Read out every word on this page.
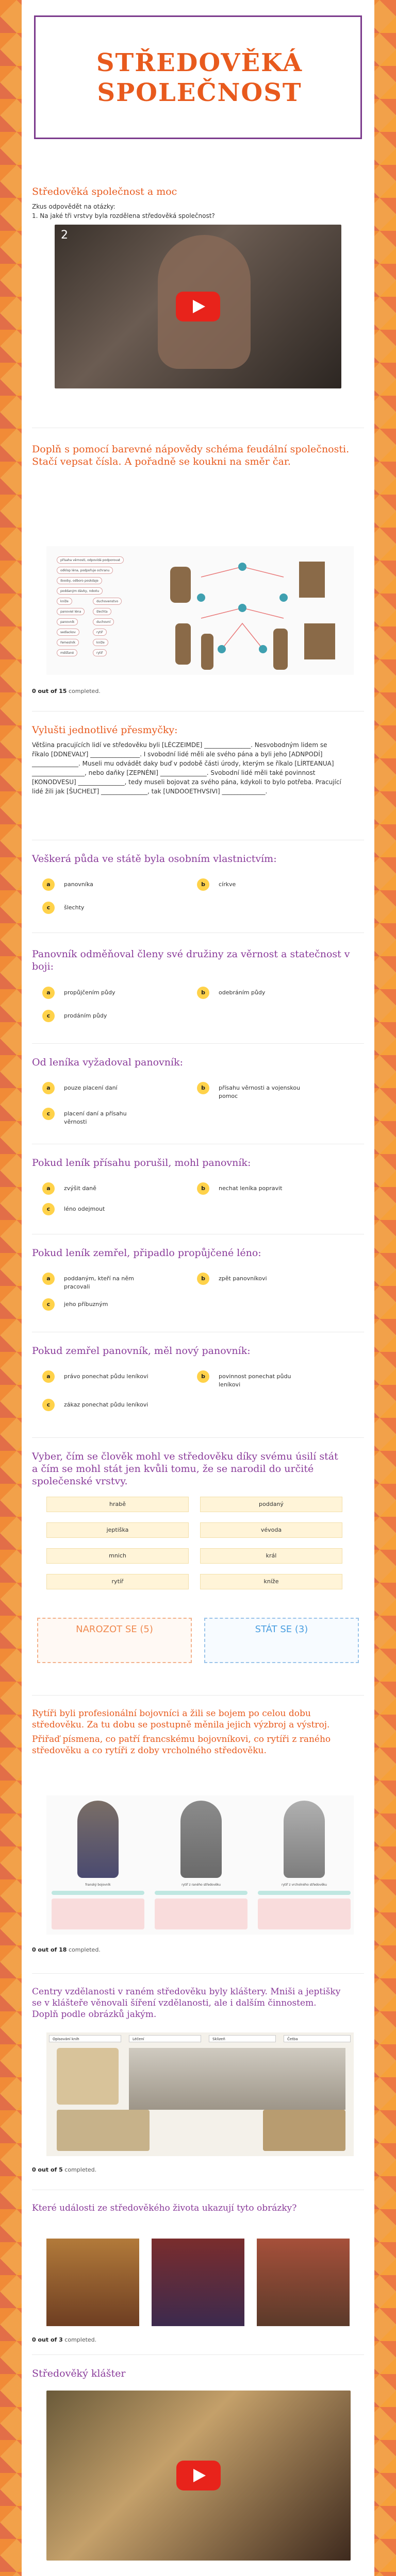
STŘEDOVĚKÁ SPOLEČNOST
Středověká společnost a moc
Zkus odpovědět na otázky:
1. Na jaké tři vrstvy byla rozdělena středověká společnost?
2
Doplň s pomocí barevné nápovědy schéma feudální společnosti.
Stačí vepsat čísla. A pořadně se koukni na směr čar.
přísaha věrnosti, odpovídá podporovat
odklop léna, podpořuje ochranu
ibooby, odboro poskdaje
poddaným dávky, robotu
kníže	duchovenstvo
panoviel léna	šlechta
panovník	duchovní
sedlackov	rytíř
řemeslník	kníže
měšťané	rytíř
0 out of 15 completed.
Vylušti jednotlivé přesmyčky:
Většina pracujících lidí ve středověku byli [LÉCZEIMDE] _______________. Nesvobodným lidem se říkalo [DDNEVALY] ________________. I svobodní lidé měli ale svého pána a byli jeho [ADNPODÍ] _______________. Museli mu odvádět daky buď v podobě části úrody, kterým se říkalo [LÍRTEANUA] _________________, nebo daňky [ZEPNÉNI] _______________. Svobodní lidé měli také povinnost [KONODVESU] _______________, tedy museli bojovat za svého pána, kdykoli to bylo potřeba. Pracující lidé žili jak [ŠUCHELT] _______________, tak [UNDOOETHVSIVI] ______________.
Veškerá půda ve státě byla osobním vlastnictvím:
a	panovníka	b	církve
c	šlechty
Panovník odměňoval členy své družiny za věrnost a statečnost v boji:
a	propůjčením půdy	b	odebráním půdy
c	prodáním půdy
Od leníka vyžadoval panovník:
a	pouze placení daní	b	přísahu věrnosti a vojenskou pomoc
c	placení daní a přísahu věrnosti
Pokud leník přísahu porušil, mohl panovník:
a	zvýšit daně	b	nechat leníka popravit
c	léno odejmout
Pokud leník zemřel, připadlo propůjčené léno:
a	poddaným, kteří na něm pracovali
b	zpět panovníkovi
c	jeho příbuzným
Pokud zemřel panovník, měl nový panovník:
a	právo ponechat půdu leníkovi	b	povinnost ponechat půdu leníkovi
c	zákaz ponechat půdu leníkovi
Vyber, čím se člověk mohl ve středověku díky svému úsilí stát a čím se mohl stát jen kvůli tomu, že se narodil do určité společenské vrstvy.
hrabě	poddaný
jeptiška	vévoda
mnich	král
rytíř	kníže
NAROZOT SE (5)	STÁT SE (3)
Rytíři byli profesionální bojovníci a žili se bojem po celou dobu středověku. Za tu dobu se postupně měnila jejich výzbroj a výstroj.
Přiřaď písmena, co patří francskému bojovníkovi, co rytíři z raného středověku a co rytíři z doby vrcholného středověku.
franský bojovník	rytíř z raného středověku	rytíř z vrcholného středověku
0 out of 18 completed.
Centry vzdělanosti v raném středověku byly kláštery. Mniši a jeptišky se v klášteře věnovali šíření vzdělanosti, ale i dalším činnostem. Doplň podle obrázků jakým.
Opisování knih	Léčení	Sklizeň	Četba
0 out of 5 completed.
Které události ze středověkého života ukazují tyto obrázky?
0 out of 3 completed.
Středověký klášter
